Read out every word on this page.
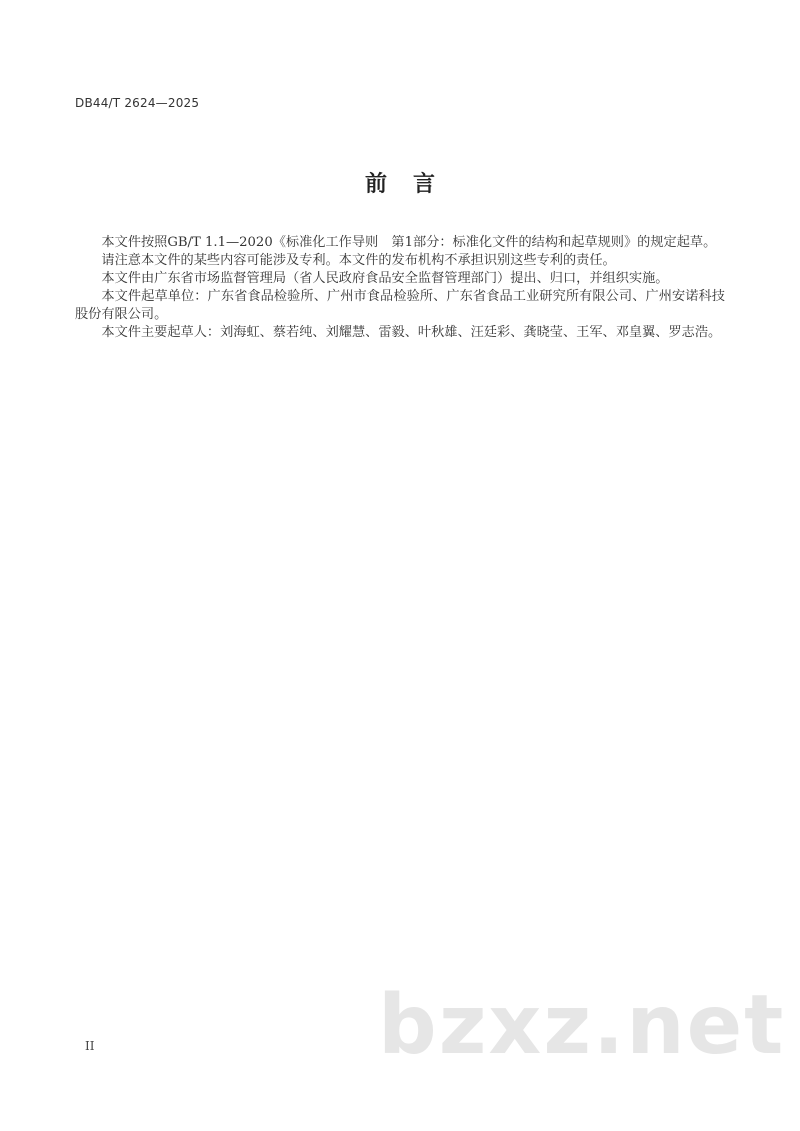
DB44/T 2624—2025
前言

本文件按照GB/T 1.1—2020《标准化工作导则　第1部分：标准化文件的结构和起草规则》的规定起草。

请注意本文件的某些内容可能涉及专利。本文件的发布机构不承担识别这些专利的责任。

本文件由广东省市场监督管理局（省人民政府食品安全监督管理部门）提出、归口，并组织实施。

本文件起草单位：广东省食品检验所、广州市食品检验所、广东省食品工业研究所有限公司、广州安诺科技股份有限公司。

本文件主要起草人：刘海虹、蔡若纯、刘耀慧、雷毅、叶秋雄、汪廷彩、龚晓莹、王军、邓皇翼、罗志浩。

II	bzxz.net
